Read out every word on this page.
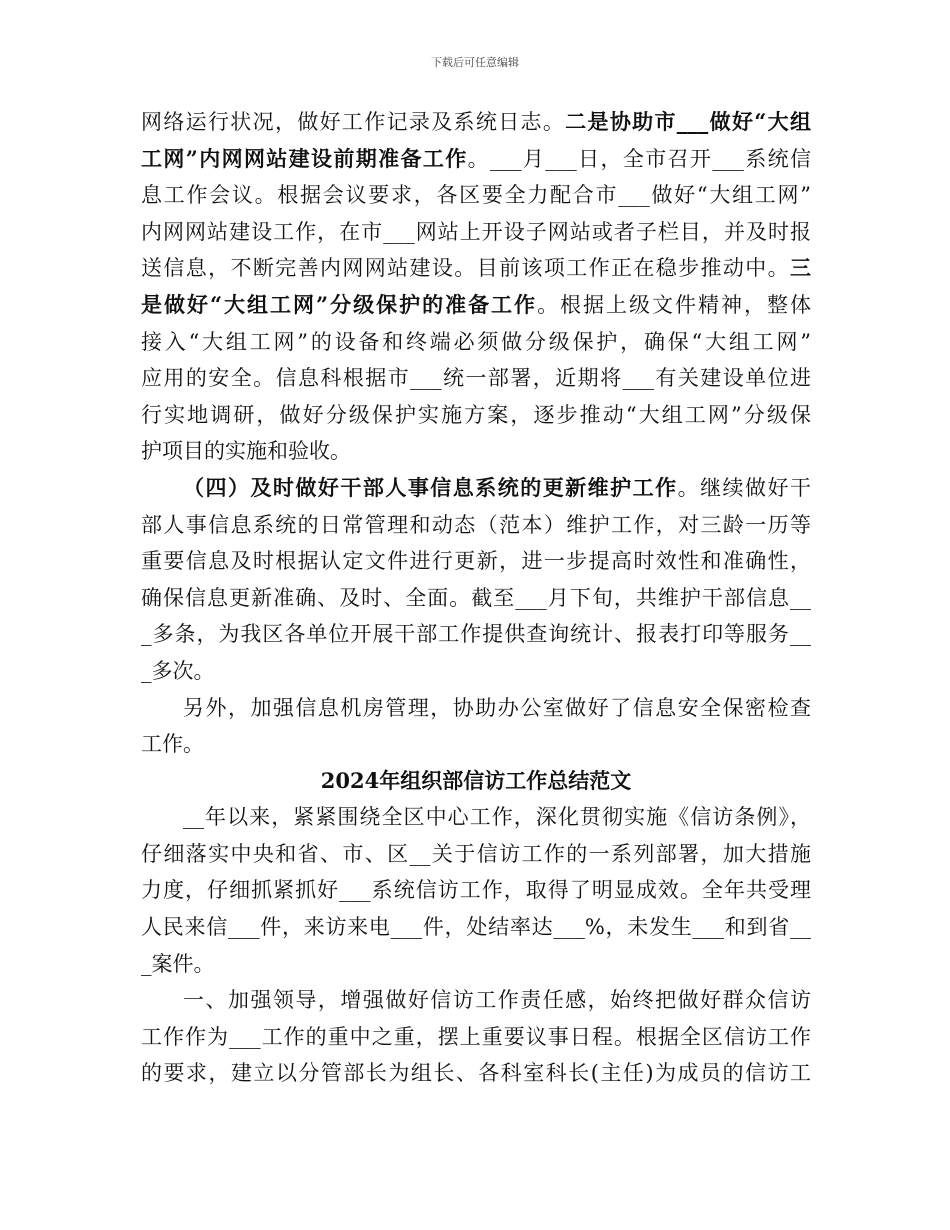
下载后可任意编辑
网络运行状况，做好工作记录及系统日志。二是协助市___做好“大组
工网”内网网站建设前期准备工作。___月___日，全市召开___系统信
息工作会议。根据会议要求，各区要全力配合市___做好“大组工网”
内网网站建设工作，在市___网站上开设子网站或者子栏目，并及时报
送信息，不断完善内网网站建设。目前该项工作正在稳步推动中。三
是做好“大组工网”分级保护的准备工作。根据上级文件精神，整体
接入“大组工网”的设备和终端必须做分级保护，确保“大组工网”
应用的安全。信息科根据市___统一部署，近期将___有关建设单位进
行实地调研，做好分级保护实施方案，逐步推动“大组工网”分级保
护项目的实施和验收。
（四）及时做好干部人事信息系统的更新维护工作。继续做好干
部人事信息系统的日常管理和动态（范本）维护工作，对三龄一历等
重要信息及时根据认定文件进行更新，进一步提高时效性和准确性，
确保信息更新准确、及时、全面。截至___月下旬，共维护干部信息__
_多条，为我区各单位开展干部工作提供查询统计、报表打印等服务__
_多次。
另外，加强信息机房管理，协助办公室做好了信息安全保密检查
工作。
2024年组织部信访工作总结范文
__年以来，紧紧围绕全区中心工作，深化贯彻实施《信访条例》，
仔细落实中央和省、市、区__关于信访工作的一系列部署，加大措施
力度，仔细抓紧抓好___系统信访工作，取得了明显成效。全年共受理
人民来信___件，来访来电___件，处结率达___%，未发生___和到省__
_案件。
一、加强领导，增强做好信访工作责任感，始终把做好群众信访
工作作为___工作的重中之重，摆上重要议事日程。根据全区信访工作
的要求，建立以分管部长为组长、各科室科长(主任)为成员的信访工
